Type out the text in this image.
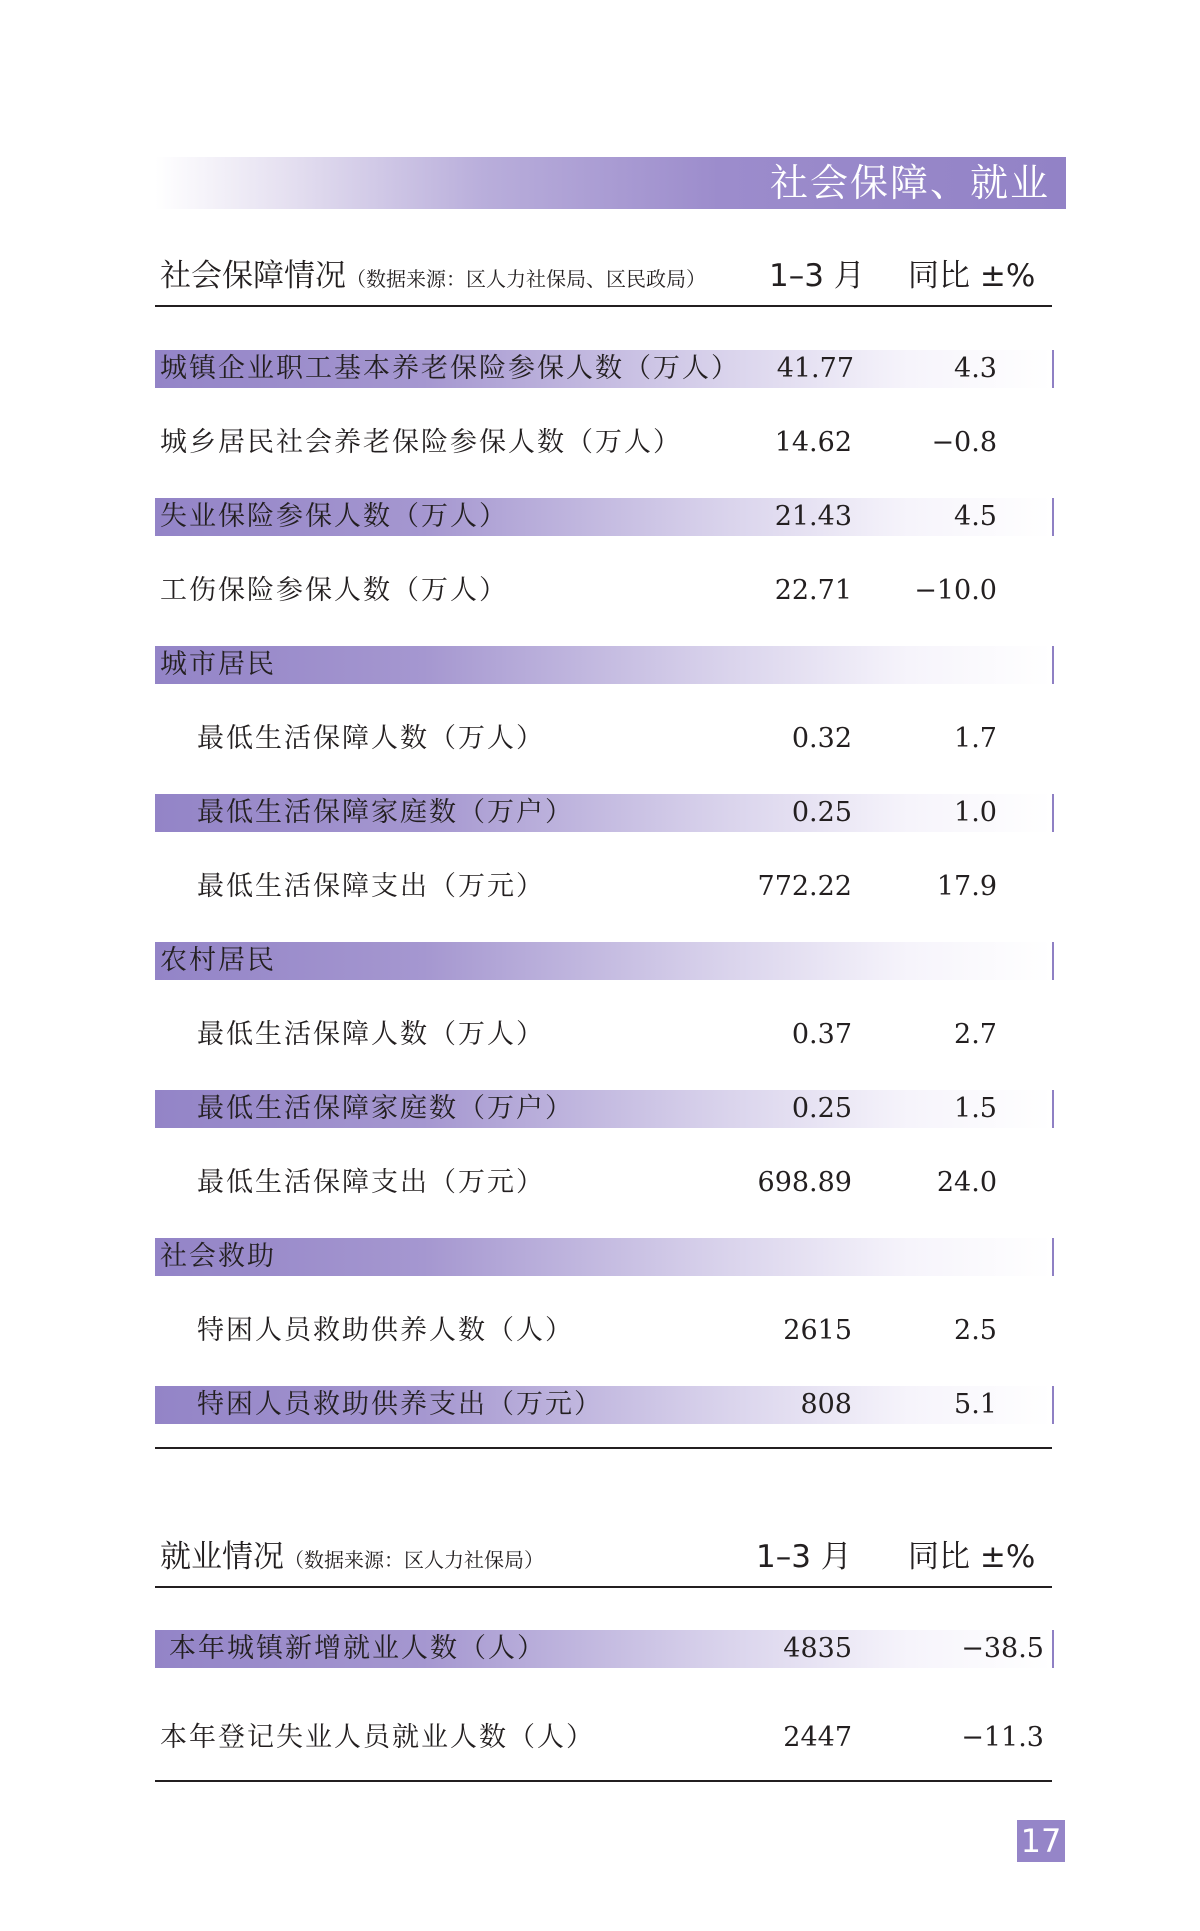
社会保障、就业
社会保障情况（数据来源：区人力社保局、区民政局） 1–3 月 同比 ±%
城镇企业职工基本养老保险参保人数（万人） 41.77	4.3
城乡居民社会养老保险参保人数（万人）	14.62	−0.8
失业保险参保人数（万人）	21.43	4.5
工伤保险参保人数（万人）	22.71 −10.0
城市居民
最低生活保障人数（万人）	0.32	1.7
最低生活保障家庭数（万户）	0.25	1.0
最低生活保障支出（万元）	772.22	17.9
农村居民
最低生活保障人数（万人）	0.37	2.7
最低生活保障家庭数（万户）	0.25	1.5
最低生活保障支出（万元）	698.89	24.0
社会救助
特困人员救助供养人数（人）	2615	2.5
特困人员救助供养支出（万元）	808	5.1
就业情况（数据来源：区人力社保局）	1–3 月 同比 ±%
本年城镇新增就业人数（人）	4835	−38.5
本年登记失业人员就业人数（人）	2447	−11.3
17
